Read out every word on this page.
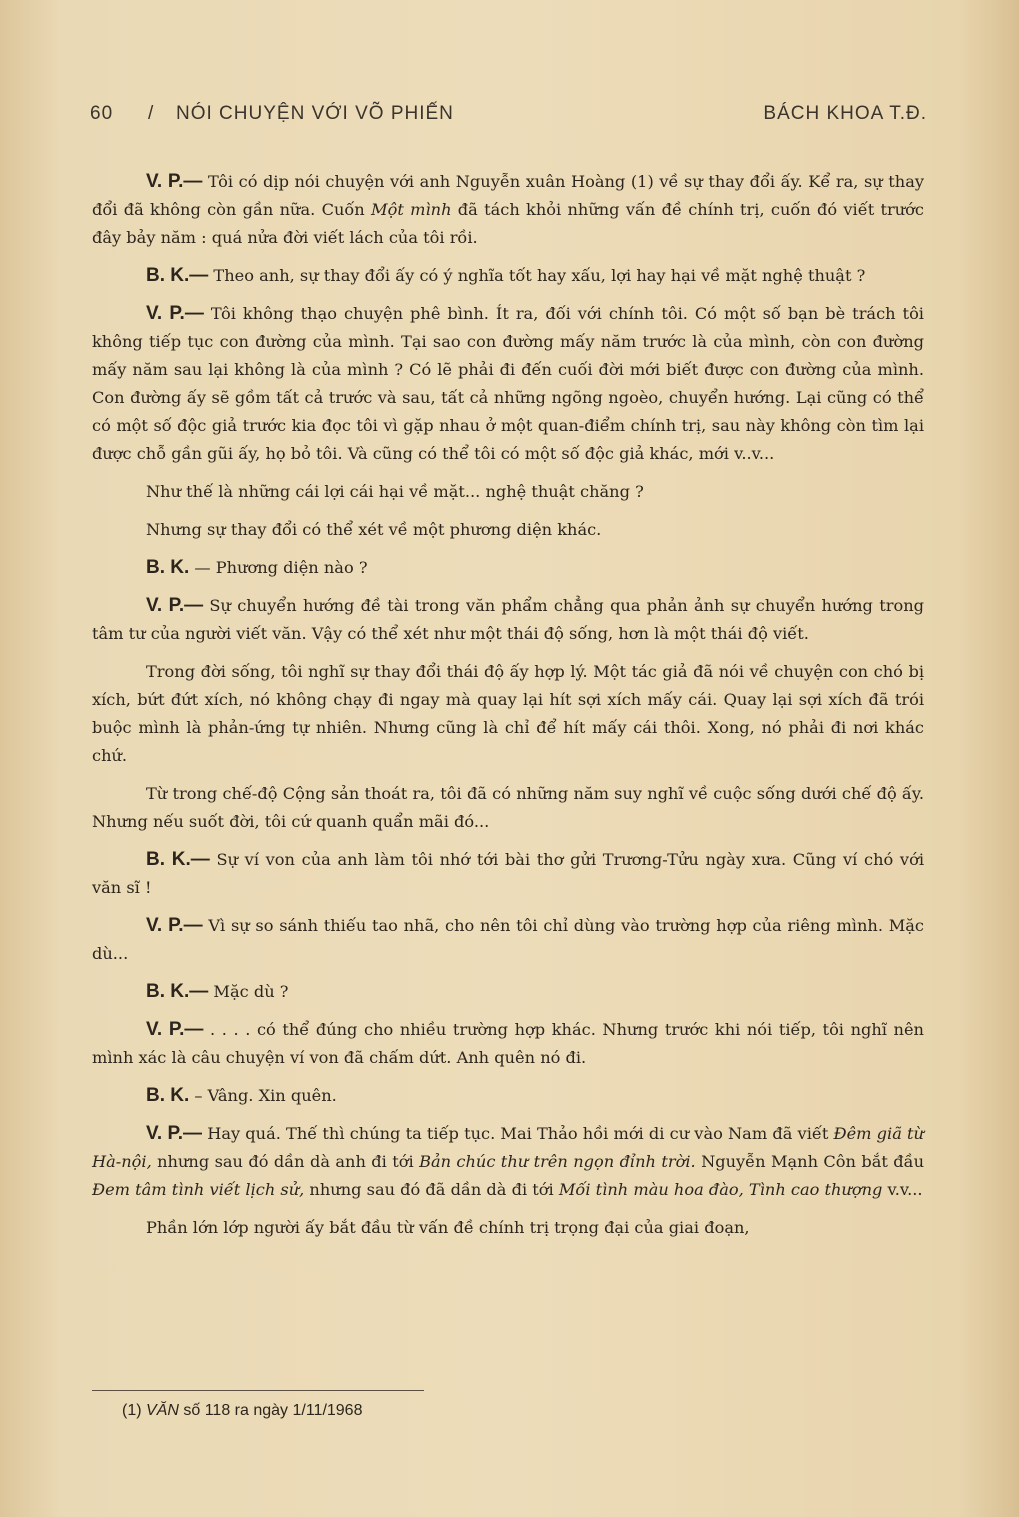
60 / NÓI CHUYỆN VỚI VÕ PHIẾN	BÁCH KHOA T.Đ.

V. P.— Tôi có dịp nói chuyện với anh Nguyễn xuân Hoàng (1) về sự thay đổi ấy. Kể ra, sự thay đổi đã không còn gần nữa. Cuốn Một mình đã tách khỏi những vấn đề chính trị, cuốn đó viết trước đây bảy năm : quá nửa đời viết lách của tôi rồi.

B. K.— Theo anh, sự thay đổi ấy có ý nghĩa tốt hay xấu, lợi hay hại về mặt nghệ thuật ?

V. P.— Tôi không thạo chuyện phê bình. Ít ra, đối với chính tôi. Có một số bạn bè trách tôi không tiếp tục con đường của mình. Tại sao con đường mấy năm trước là của mình, còn con đường mấy năm sau lại không là của mình ? Có lẽ phải đi đến cuối đời mới biết được con đường của mình. Con đường ấy sẽ gồm tất cả trước và sau, tất cả những ngõng ngoèo, chuyển hướng. Lại cũng có thể có một số độc giả trước kia đọc tôi vì gặp nhau ở một quan-điểm chính trị, sau này không còn tìm lại được chỗ gần gũi ấy, họ bỏ tôi. Và cũng có thể tôi có một số độc giả khác, mới v..v...

Như thế là những cái lợi cái hại về mặt... nghệ thuật chăng ?

Nhưng sự thay đổi có thể xét về một phương diện khác.

B. K. — Phương diện nào ?

V. P.— Sự chuyển hướng đề tài trong văn phẩm chẳng qua phản ảnh sự chuyển hướng trong tâm tư của người viết văn. Vậy có thể xét như một thái độ sống, hơn là một thái độ viết.

Trong đời sống, tôi nghĩ sự thay đổi thái độ ấy hợp lý. Một tác giả đã nói về chuyện con chó bị xích, bứt đứt xích, nó không chạy đi ngay mà quay lại hít sợi xích mấy cái. Quay lại sợi xích đã trói buộc mình là phản-ứng tự nhiên. Nhưng cũng là chỉ để hít mấy cái thôi. Xong, nó phải đi nơi khác chứ.

Từ trong chế-độ Cộng sản thoát ra, tôi đã có những năm suy nghĩ về cuộc sống dưới chế độ ấy. Nhưng nếu suốt đời, tôi cứ quanh quẩn mãi đó...

B. K.— Sự ví von của anh làm tôi nhớ tới bài thơ gửi Trương-Tửu ngày xưa. Cũng ví chó với văn sĩ !

V. P.— Vì sự so sánh thiếu tao nhã, cho nên tôi chỉ dùng vào trường hợp của riêng mình. Mặc dù...

B. K.— Mặc dù ?

V. P.— . . . . có thể đúng cho nhiều trường hợp khác. Nhưng trước khi nói tiếp, tôi nghĩ nên mình xác là câu chuyện ví von đã chấm dứt. Anh quên nó đi.

B. K. – Vâng. Xin quên.

V. P.— Hay quá. Thế thì chúng ta tiếp tục. Mai Thảo hồi mới di cư vào Nam đã viết Đêm giã từ Hà-nội, nhưng sau đó dần dà anh đi tới Bản chúc thư trên ngọn đỉnh trời. Nguyễn Mạnh Côn bắt đầu Đem tâm tình viết lịch sử, nhưng sau đó đã dần dà đi tới Mối tình màu hoa đào, Tình cao thượng v.v...

Phần lớn lớp người ấy bắt đầu từ vấn đề chính trị trọng đại của giai đoạn,

(1) VĂN số 118 ra ngày 1/11/1968
